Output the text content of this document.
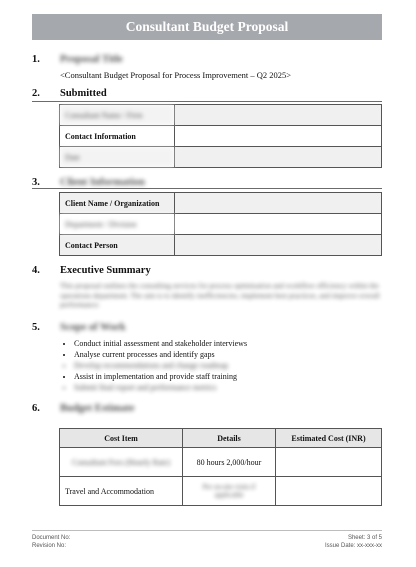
Consultant Budget Proposal
1. Proposal Title
<Consultant Budget Proposal for Process Improvement – Q2 2025>
2. Submitted
Consultant Name / Firm	
Contact Information	
Date	
3. Client Information
Client Name / Organization	
Department / Division	
Contact Person	
4. Executive Summary
This proposal outlines the consulting services for process optimisation and workflow efficiency within the operations department. The aim is to identify inefficiencies, implement best practices, and improve overall performance.
5. Scope of Work
• Conduct initial assessment and stakeholder interviews
• Analyse current processes and identify gaps
• Develop recommendations and change roadmap
• Assist in implementation and provide staff training
• Submit final report and performance metrics
6. Budget Estimate
Cost Item	Details	Estimated Cost (INR)
Consultant Fees (Hourly Rate)	80 hours 2,000/hour	
Travel and Accommodation	Per on-site visits if applicable	
Document No:
Revision No:
Sheet: 3 of 5
Issue Date: xx-xxx-xx
